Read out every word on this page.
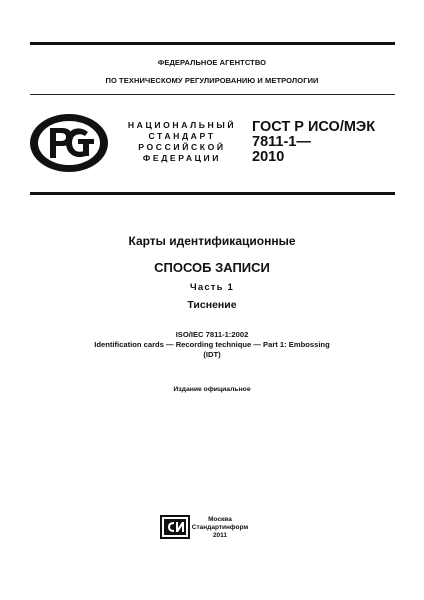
ФЕДЕРАЛЬНОЕ АГЕНТСТВО
ПО ТЕХНИЧЕСКОМУ РЕГУЛИРОВАНИЮ И МЕТРОЛОГИИ
НАЦИОНАЛЬНЫЙ
СТАНДАРТ
РОССИЙСКОЙ
ФЕДЕРАЦИИ
ГОСТ Р ИСО/МЭК
7811-1—
2010
Карты идентификационные
СПОСОБ ЗАПИСИ
Часть 1
Тиснение
ISO/IEC 7811-1:2002
Identification cards — Recording technique — Part 1: Embossing
(IDT)
Издание официальное
Москва
Стандартинформ
2011
